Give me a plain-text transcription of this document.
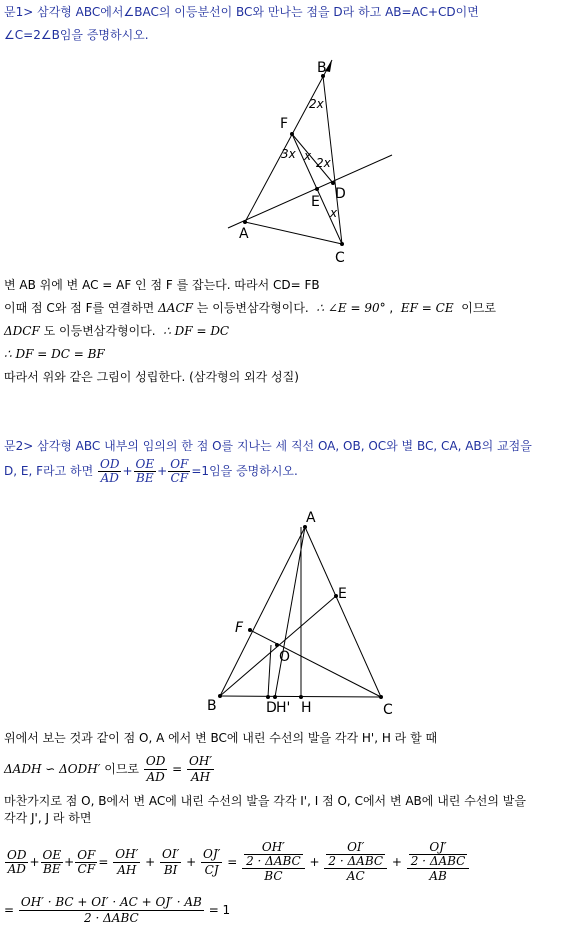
문1> 삼각형 ABC에서∠BAC의 이등분선이 BC와 만나는 점을 D라 하고 AB=AC+CD이면
∠C=2∠B임을 증명하시오.
B
F
D
E
A
C
2x
3x x 2x
x
변 AB 위에 변 AC = AF 인 점 F 를 잡는다. 따라서 CD= FB
이때 점 C와 점 F를 연결하면 ΔACF 는 이등변삼각형이다. ∴ ∠E = 90° ,  EF = CE 이므로
ΔDCF 도 이등변삼각형이다. ∴ DF = DC
∴ DF = DC = BF
따라서 위와 같은 그림이 성립한다. (삼각형의 외각 성질)
문2> 삼각형 ABC 내부의 임의의 한 점 O를 지나는 세 직선 OA, OB, OC와 별 BC, CA, AB의 교점을
D, E, F라고 하면 $\frac{OD}{AD} + \frac{OE}{BE} + \frac{OF}{CF} =1$임을 증명하시오.
A
E
F
O
B	D H' H	C
위에서 보는 것과 같이 점 O, A 에서 변 BC에 내린 수선의 발을 각각 H', H 라 할 때
ΔADH ∽ ΔODH′ 이므로 $\frac{OD}{AD} = \frac{OH'}{AH}$
마찬가지로 점 O, B에서 변 AC에 내린 수선의 발을 각각 I', I 점 O, C에서 변 AB에 내린 수선의 발을
각각 J', J 라 하면
$\frac{OD}{AD} + \frac{OE}{BE} + \frac{OF}{CF} = \frac{OH'}{AH} + \frac{OI'}{BI} + \frac{OJ'}{CJ} = \frac{\frac{OH'}{\text{2 · ΔABC}}}{BC} + \frac{\frac{OI'}{\text{2 · ΔABC}}}{AC} + \frac{\frac{OJ'}{\text{2 · ΔABC}}}{AB}$
= $\frac{OH' \cdot BC + OI' \cdot AC + OJ' \cdot AB}{\text{2 · ΔABC}} = 1$
